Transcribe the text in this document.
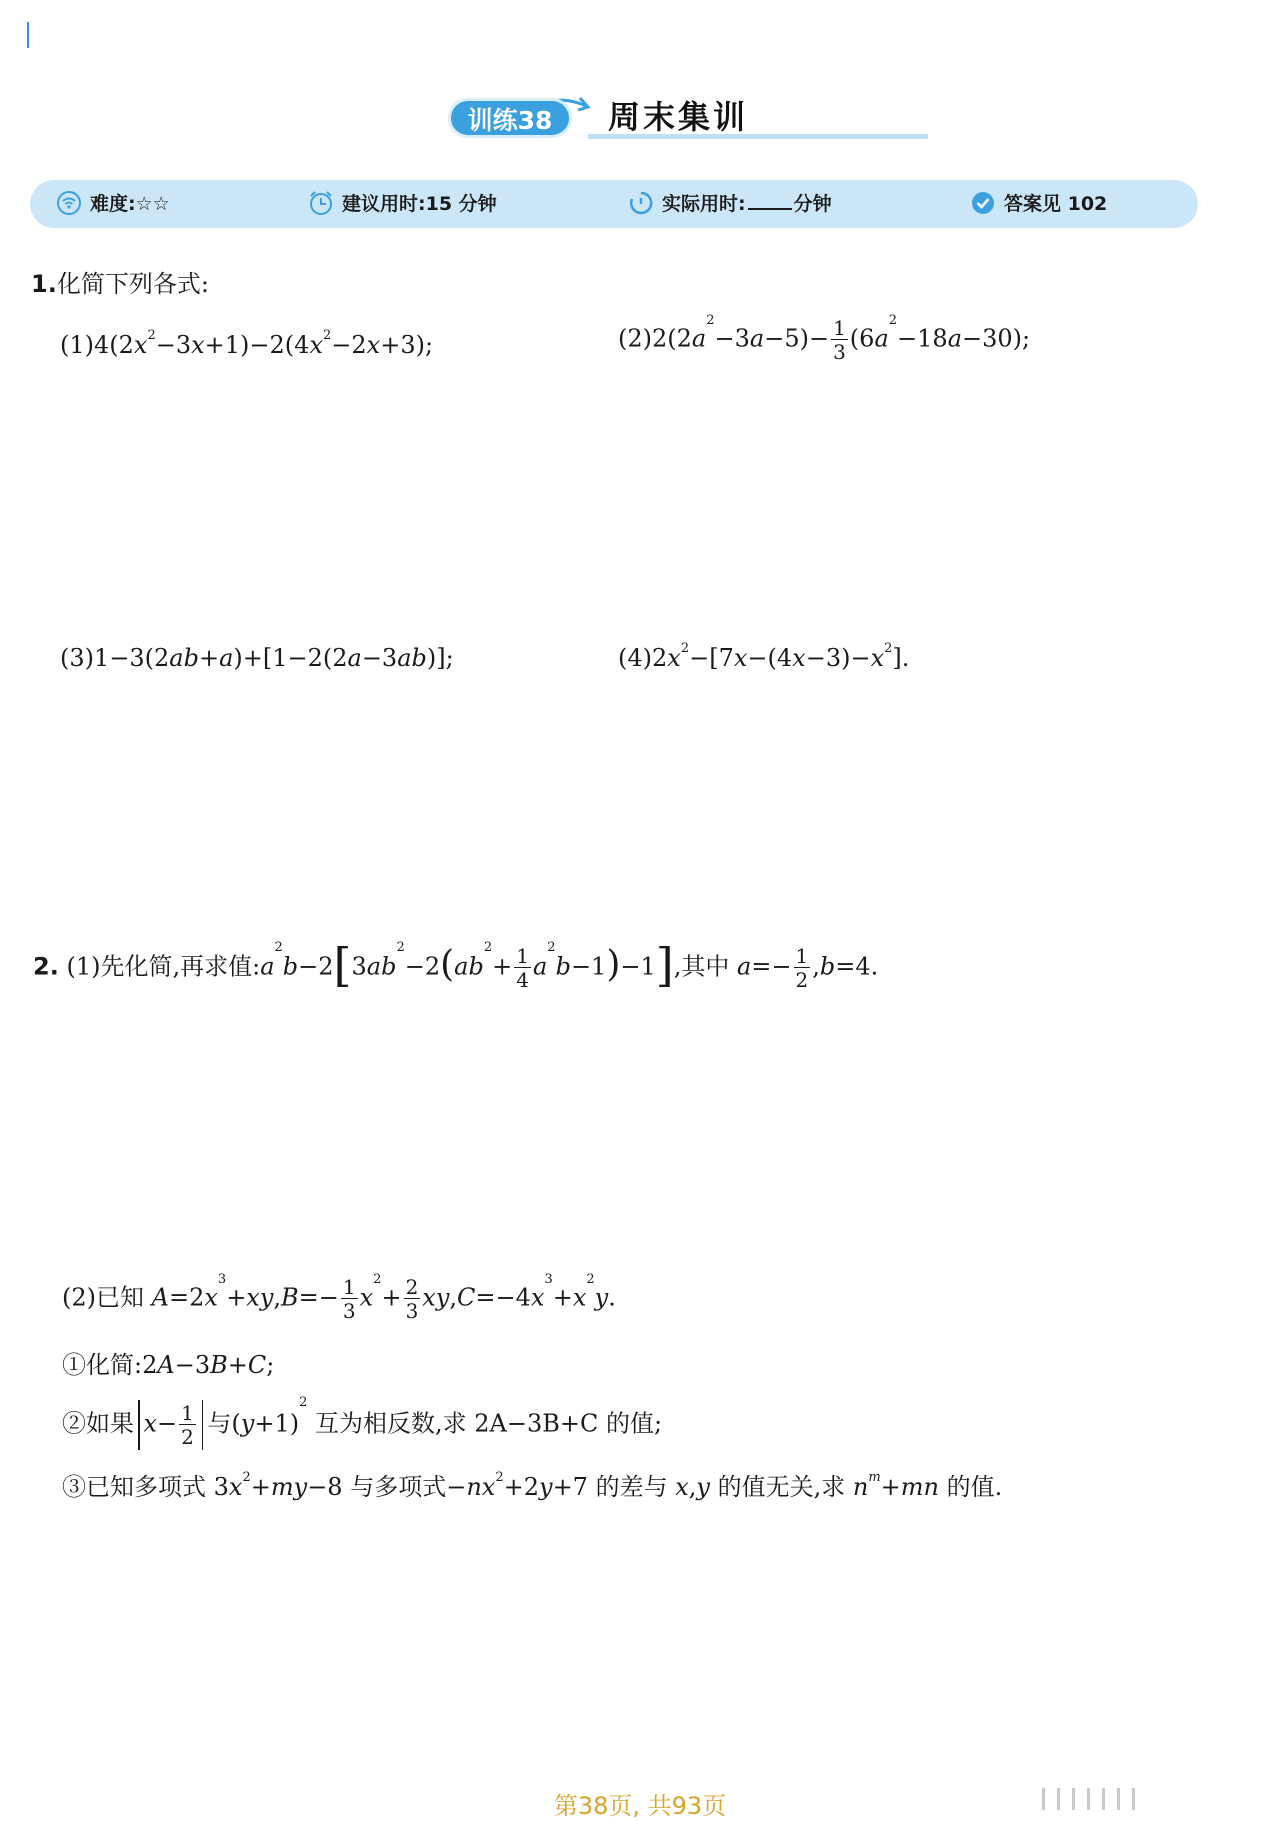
训练38	周末集训
难度:☆☆	建议用时:15 分钟	实际用时:	分钟	答案见 102
1.化简下列各式:
$(1)4(2x^2-3x+1)-2(4x^2-2x+3)$;	$(2)2(2a^2-3a-5)- \frac{1}{3} (6a^2-18a-30)$;
(3)1−3(2ab+a)+[1−2(2a−3ab)];	$(4)2x^2-[7x-(4x-3)-x^2]$.
2. (1)先化简,再求值$:a^2b-2[3ab^2-2(ab^2+ \frac{1}{4} a^2b-1)-1]$,其中 $a=- \frac{1}{2} ,b=4$.
(2)已知 $A=2x^3+xy,B=- \frac{1}{3} x^2+ \frac{2}{3} xy,C=-4x^3+x^2y$.
①化简:2A−3B+C;
②如果 $x- \frac{1}{2}$ 与$(y+1)^2$ 互为相反数,求 2A−3B+C 的值;
③已知多项式 $3x^2+my-8$ 与多项式$-nx^2+2y+7$ 的差与 x,y 的值无关,求 $n^m+mn$ 的值.
第38页, 共93页
